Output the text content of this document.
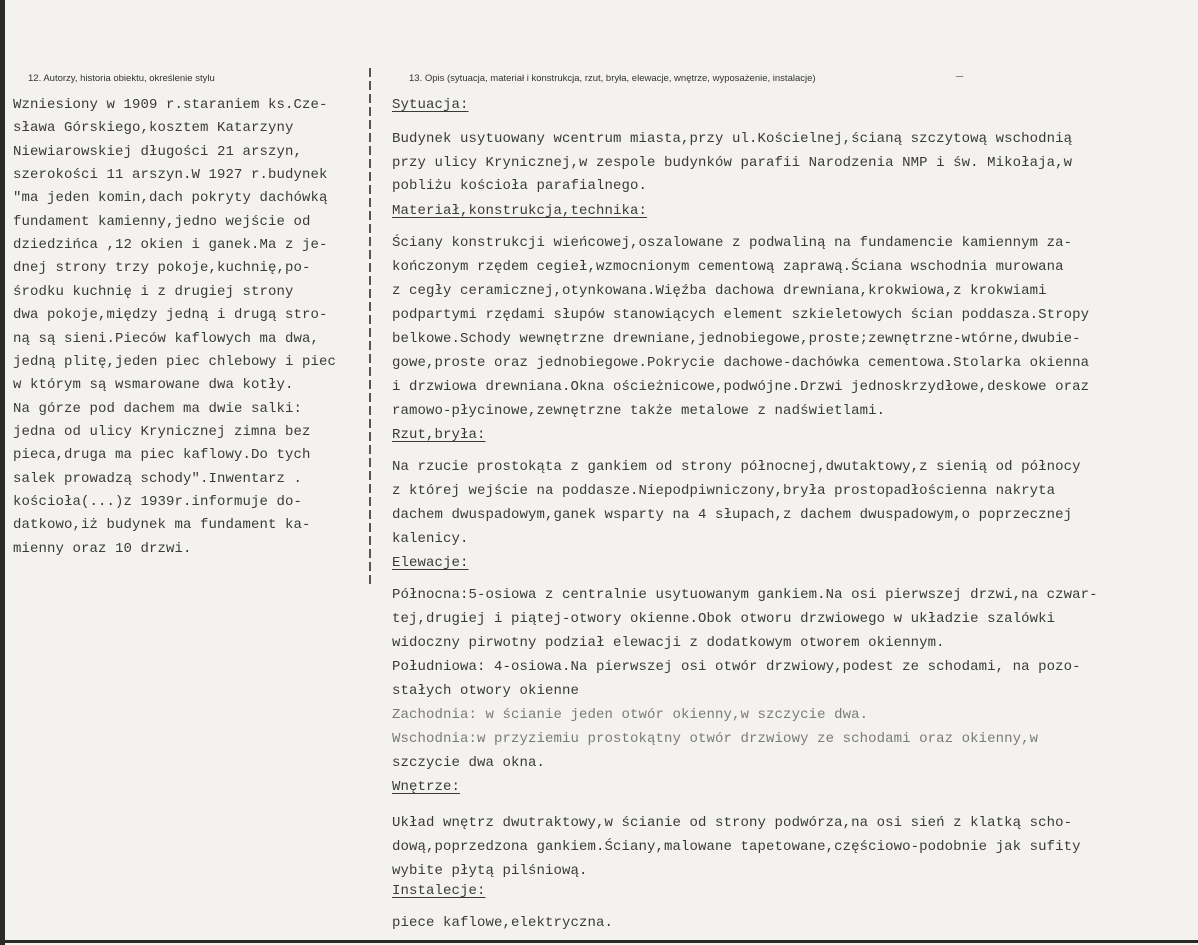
12. Autorzy, historia obiektu, określenie stylu	13. Opis (sytuacja, materiał i konstrukcja, rzut, bryła, elewacje, wnętrze, wyposażenie, instalacje)	–
Wzniesiony w 1909 r.staraniem ks.Cze-
sława Górskiego,kosztem Katarzyny
Niewiarowskiej długości 21 arszyn,
szerokości 11 arszyn.W 1927 r.budynek
"ma jeden komin,dach pokryty dachówką
fundament kamienny,jedno wejście od
dziedzińca ,12 okien i ganek.Ma z je-
dnej strony trzy pokoje,kuchnię,po-
środku kuchnię i z drugiej strony
dwa pokoje,między jedną i drugą stro-
ną są sieni.Pieców kaflowych ma dwa,
jedną plitę,jeden piec chlebowy i piec
w którym są wsmarowane dwa kotły.
Na górze pod dachem ma dwie salki:
jedna od ulicy Krynicznej zimna bez
pieca,druga ma piec kaflowy.Do tych
salek prowadzą schody".Inwentarz .
kościoła(...)z 1939r.informuje do-
datkowo,iż budynek ma fundament ka-
mienny oraz 10 drzwi.
Sytuacja:
Budynek usytuowany wcentrum miasta,przy ul.Kościelnej,ścianą szczytową wschodnią
przy ulicy Krynicznej,w zespole budynków parafii Narodzenia NMP i św. Mikołaja,w
pobliżu kościoła parafialnego.
Materiał,konstrukcja,technika:
Ściany konstrukcji wieńcowej,oszalowane z podwaliną na fundamencie kamiennym za-
kończonym rzędem cegieł,wzmocnionym cementową zaprawą.Ściana wschodnia murowana
z cegły ceramicznej,otynkowana.Więźba dachowa drewniana,krokwiowa,z krokwiami
podpartymi rzędami słupów stanowiących element szkieletowych ścian poddasza.Stropy
belkowe.Schody wewnętrzne drewniane,jednobiegowe,proste;zewnętrzne-wtórne,dwubie-
gowe,proste oraz jednobiegowe.Pokrycie dachowe-dachówka cementowa.Stolarka okienna
i drzwiowa drewniana.Okna ościeżnicowe,podwójne.Drzwi jednoskrzydłowe,deskowe oraz
ramowo-płycinowe,zewnętrzne także metalowe z nadświetlami.
Rzut,bryła:
Na rzucie prostokąta z gankiem od strony północnej,dwutaktowy,z sienią od północy
z której wejście na poddasze.Niepodpiwniczony,bryła prostopadłościenna nakryta
dachem dwuspadowym,ganek wsparty na 4 słupach,z dachem dwuspadowym,o poprzecznej
kalenicy.
Elewacje:
Północna:5-osiowa z centralnie usytuowanym gankiem.Na osi pierwszej drzwi,na czwar-
tej,drugiej i piątej-otwory okienne.Obok otworu drzwiowego w układzie szalówki
widoczny pirwotny podział elewacji z dodatkowym otworem okiennym.
Południowa: 4-osiowa.Na pierwszej osi otwór drzwiowy,podest ze schodami, na pozo-
stałych otwory okienne
Zachodnia: w ścianie jeden otwór okienny,w szczycie dwa.
Wschodnia:w przyziemiu prostokątny otwór drzwiowy ze schodami oraz okienny,w
szczycie dwa okna.
Wnętrze:
Układ wnętrz dwutraktowy,w ścianie od strony podwórza,na osi sień z klatką scho-
dową,poprzedzona gankiem.Ściany,malowane tapetowane,częściowo-podobnie jak sufity
wybite płytą pilśniową.
Instalecje:
piece kaflowe,elektryczna.
